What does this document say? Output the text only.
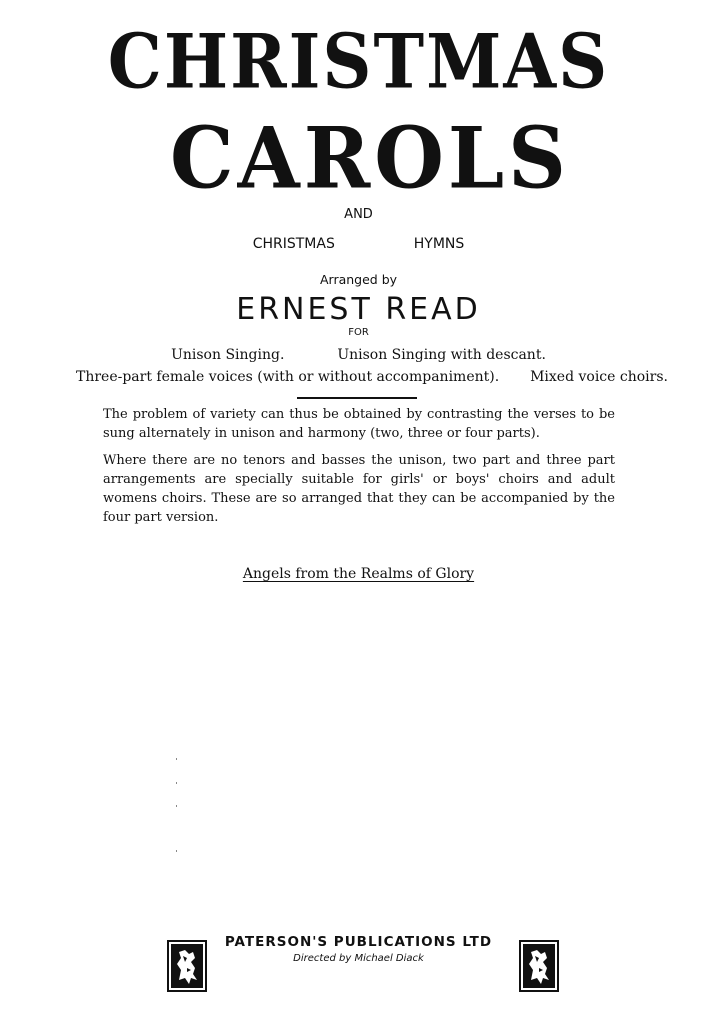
CHRISTMAS
CAROLS
AND
CHRISTMAS	HYMNS
Arranged by
ERNEST READ
FOR
Unison Singing.	Unison Singing with descant.
Three-part female voices (with or without accompaniment). Mixed voice choirs.
The problem of variety can thus be obtained by contrasting the verses to be sung alternately in unison and harmony (two, three or four parts).
Where there are no tenors and basses the unison, two part and three part arrangements are specially suitable for girls' or boys' choirs and adult womens choirs. These are so arranged that they can be accompanied by the four part version.
Angels from the Realms of Glory
PATERSON'S PUBLICATIONS LTD
Directed by Michael Diack
